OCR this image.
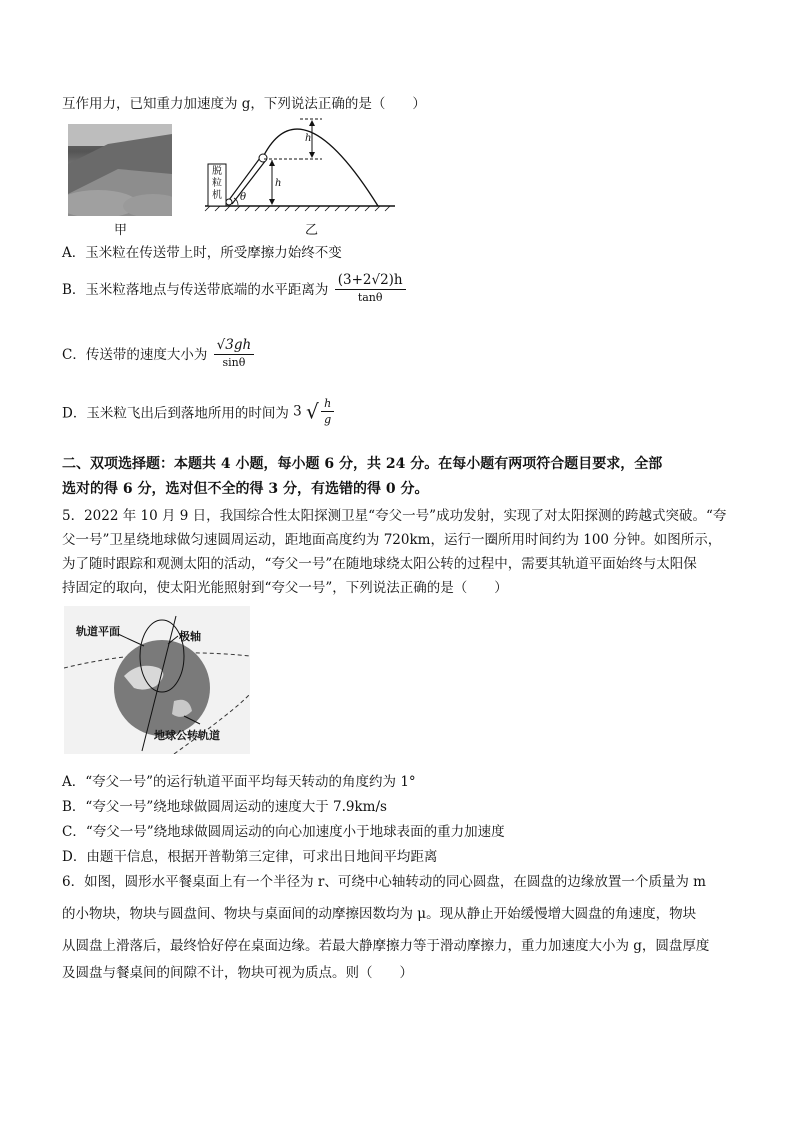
互作用力，已知重力加速度为 g，下列说法正确的是（　　）
甲
脱粒机
h
h
θ
乙
A．玉米粒在传送带上时，所受摩擦力始终不变
B．玉米粒落地点与传送带底端的水平距离为 $\frac{(3+2√2)h}{\tan\theta}$
C．传送带的速度大小为 $\frac{√3gh}{\sin\theta}$
D．玉米粒飞出后到落地所用的时间为 3 √ $\frac{h}{g}$
二、双项选择题：本题共 4 小题，每小题 6 分，共 24 分。在每小题有两项符合题目要求，全部
选对的得 6 分，选对但不全的得 3 分，有选错的得 0 分。
5．2022 年 10 月 9 日，我国综合性太阳探测卫星“夸父一号”成功发射，实现了对太阳探测的跨越式突破。“夸
父一号”卫星绕地球做匀速圆周运动，距地面高度约为 720km，运行一圈所用时间约为 100 分钟。如图所示，
为了随时跟踪和观测太阳的活动，“夸父一号”在随地球绕太阳公转的过程中，需要其轨道平面始终与太阳保
持固定的取向，使太阳光能照射到“夸父一号”，下列说法正确的是（　　）
轨道平面	极轴
地球公转轨道
A．“夸父一号”的运行轨道平面平均每天转动的角度约为 1°
B．“夸父一号”绕地球做圆周运动的速度大于 7.9km/s
C．“夸父一号”绕地球做圆周运动的向心加速度小于地球表面的重力加速度
D．由题干信息，根据开普勒第三定律，可求出日地间平均距离
6．如图，圆形水平餐桌面上有一个半径为 r、可绕中心轴转动的同心圆盘，在圆盘的边缘放置一个质量为 m
的小物块，物块与圆盘间、物块与桌面间的动摩擦因数均为 μ。现从静止开始缓慢增大圆盘的角速度，物块
从圆盘上滑落后，最终恰好停在桌面边缘。若最大静摩擦力等于滑动摩擦力，重力加速度大小为 g，圆盘厚度
及圆盘与餐桌间的间隙不计，物块可视为质点。则（　　）
